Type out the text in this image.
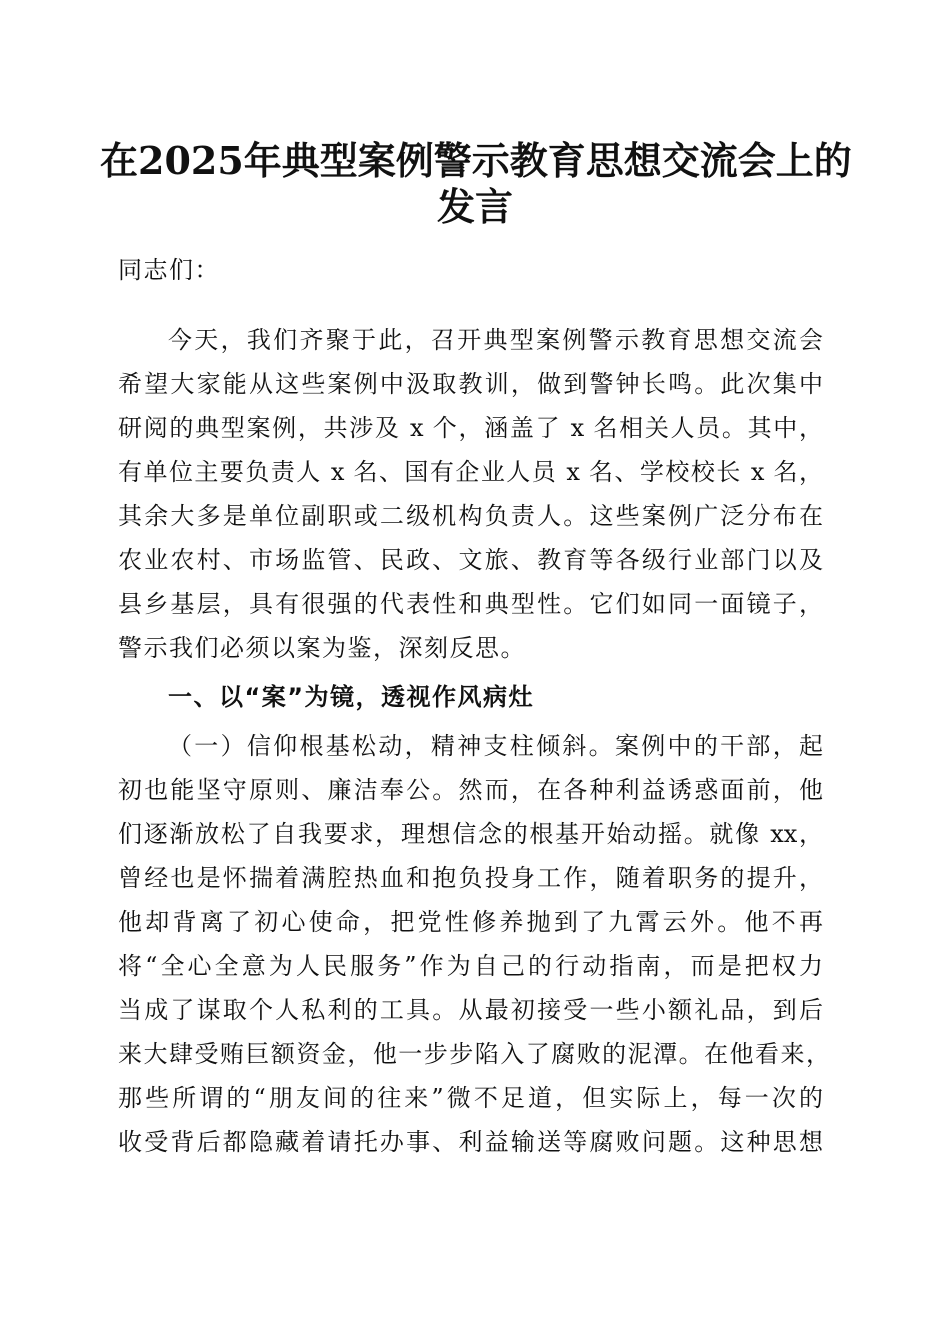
在2025年典型案例警示教育思想交流会上的
发言
同志们：
今天，我们齐聚于此，召开典型案例警示教育思想交流会
希望大家能从这些案例中汲取教训，做到警钟长鸣。此次集中
研阅的典型案例，共涉及 x 个，涵盖了 x 名相关人员。其中，
有单位主要负责人 x 名、国有企业人员 x 名、学校校长 x 名，
其余大多是单位副职或二级机构负责人。这些案例广泛分布在
农业农村、市场监管、民政、文旅、教育等各级行业部门以及
县乡基层，具有很强的代表性和典型性。它们如同一面镜子，
警示我们必须以案为鉴，深刻反思。
一、以“案”为镜，透视作风病灶
（一）信仰根基松动，精神支柱倾斜。案例中的干部，起
初也能坚守原则、廉洁奉公。然而，在各种利益诱惑面前，他
们逐渐放松了自我要求，理想信念的根基开始动摇。就像 xx，
曾经也是怀揣着满腔热血和抱负投身工作，随着职务的提升，
他却背离了初心使命，把党性修养抛到了九霄云外。他不再
将“全心全意为人民服务”作为自己的行动指南，而是把权力
当成了谋取个人私利的工具。从最初接受一些小额礼品，到后
来大肆受贿巨额资金，他一步步陷入了腐败的泥潭。在他看来，
那些所谓的“朋友间的往来”微不足道，但实际上，每一次的
收受背后都隐藏着请托办事、利益输送等腐败问题。这种思想
